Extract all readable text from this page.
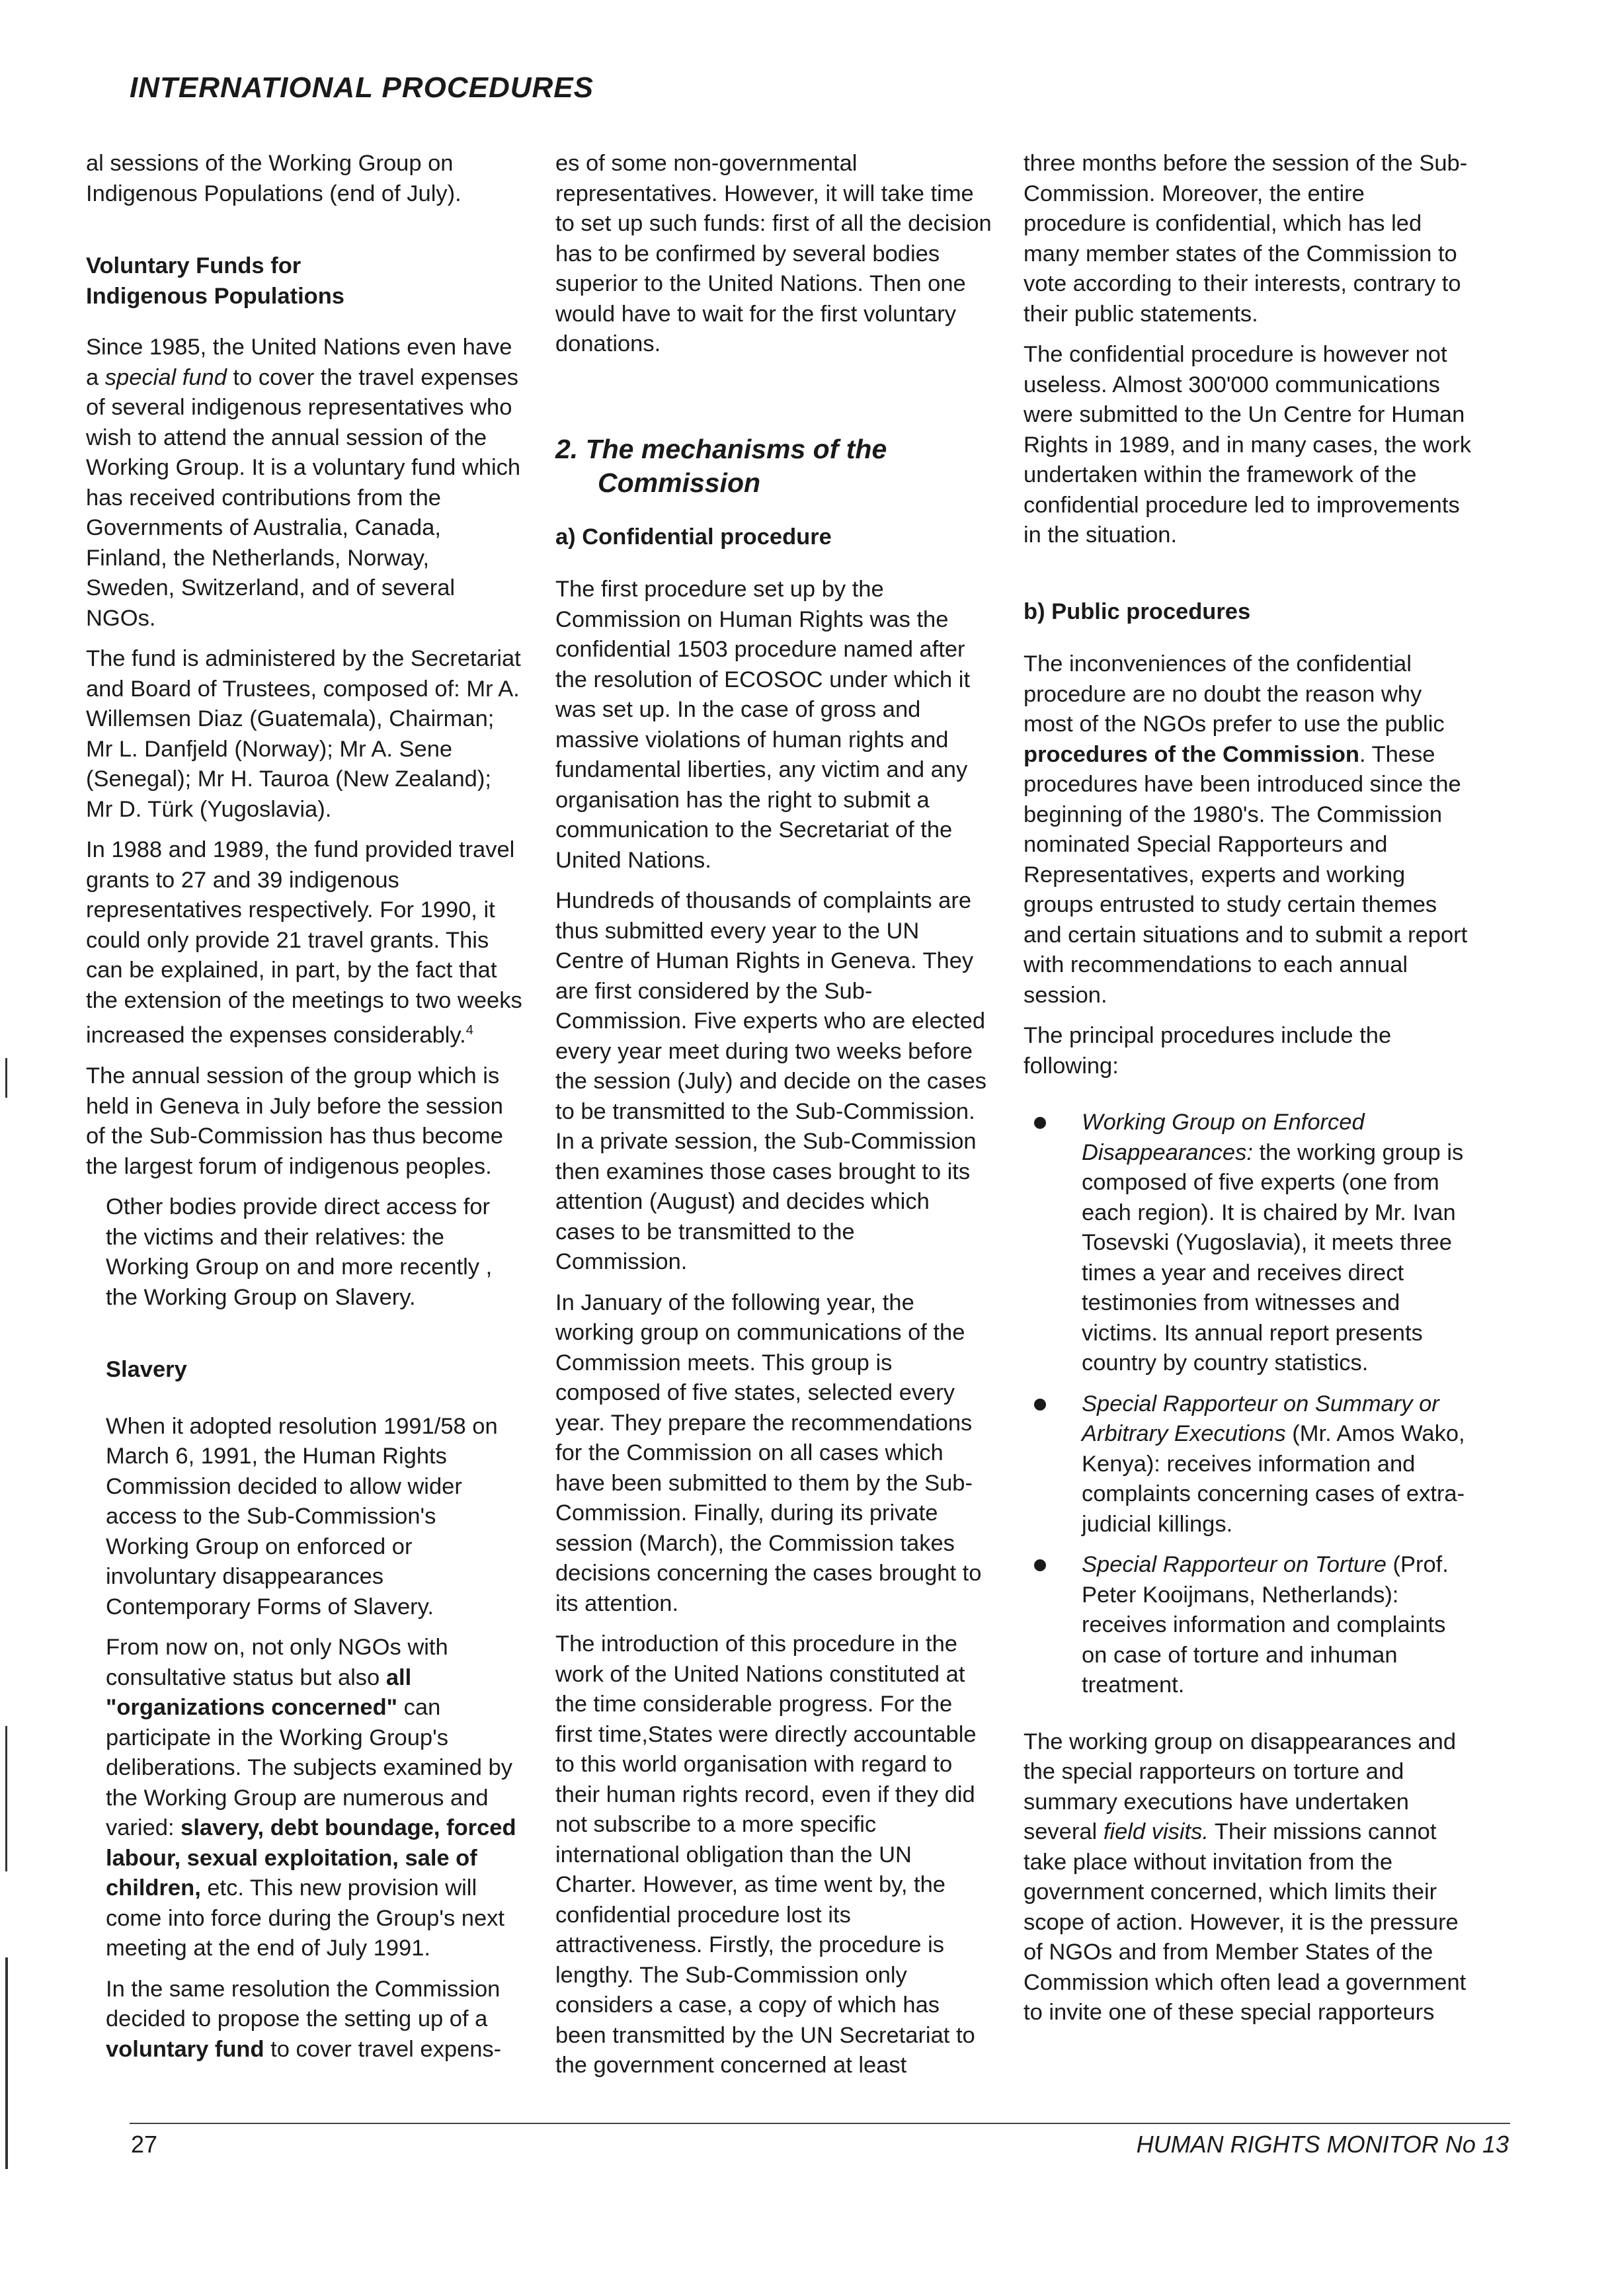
INTERNATIONAL PROCEDURES

al sessions of the Working Group on Indigenous Populations (end of July).

Voluntary Funds for
Indigenous Populations

Since 1985, the United Nations even have a special fund to cover the travel expenses of several indigenous representatives who wish to attend the annual session of the Working Group. It is a voluntary fund which has received contributions from the Governments of Australia, Canada, Finland, the Netherlands, Norway, Sweden, Switzerland, and of several NGOs.

The fund is administered by the Secretariat and Board of Trustees, composed of: Mr A. Willemsen Diaz (Guatemala), Chairman; Mr L. Danfjeld (Norway); Mr A. Sene (Senegal); Mr H. Tauroa (New Zealand); Mr D. Türk (Yugoslavia).

In 1988 and 1989, the fund provided travel grants to 27 and 39 indigenous representatives respectively. For 1990, it could only provide 21 travel grants. This can be explained, in part, by the fact that the extension of the meetings to two weeks increased the expenses considerably.$^4$

The annual session of the group which is held in Geneva in July before the session of the Sub-Commission has thus become the largest forum of indigenous peoples.

Other bodies provide direct access for the victims and their relatives: the Working Group on and more recently , the Working Group on Slavery.

Slavery

When it adopted resolution 1991/58 on March 6, 1991, the Human Rights Commission decided to allow wider access to the Sub-Commission's Working Group on enforced or involuntary disappearances Contemporary Forms of Slavery.

From now on, not only NGOs with consultative status but also all "organizations concerned" can participate in the Working Group's deliberations. The subjects examined by the Working Group are numerous and varied: slavery, debt boundage, forced labour, sexual exploitation, sale of children, etc. This new provision will come into force during the Group's next meeting at the end of July 1991.

In the same resolution the Commission decided to propose the setting up of a voluntary fund to cover travel expens-

es of some non-governmental representatives. However, it will take time to set up such funds: first of all the decision has to be confirmed by several bodies superior to the United Nations. Then one would have to wait for the first voluntary donations.

2. The mechanisms of the Commission

a) Confidential procedure

The first procedure set up by the Commission on Human Rights was the confidential 1503 procedure named after the resolution of ECOSOC under which it was set up. In the case of gross and massive violations of human rights and fundamental liberties, any victim and any organisation has the right to submit a communication to the Secretariat of the United Nations.

Hundreds of thousands of complaints are thus submitted every year to the UN Centre of Human Rights in Geneva. They are first considered by the Sub-Commission. Five experts who are elected every year meet during two weeks before the session (July) and decide on the cases to be transmitted to the Sub-Commission. In a private session, the Sub-Commission then examines those cases brought to its attention (August) and decides which cases to be transmitted to the Commission.

In January of the following year, the working group on communications of the Commission meets. This group is composed of five states, selected every year. They prepare the recommendations for the Commission on all cases which have been submitted to them by the Sub-Commission. Finally, during its private session (March), the Commission takes decisions concerning the cases brought to its attention.

The introduction of this procedure in the work of the United Nations constituted at the time considerable progress. For the first time,States were directly accountable to this world organisation with regard to their human rights record, even if they did not subscribe to a more specific international obligation than the UN Charter. However, as time went by, the confidential procedure lost its attractiveness. Firstly, the procedure is lengthy. The Sub-Commission only considers a case, a copy of which has been transmitted by the UN Secretariat to the government concerned at least

three months before the session of the Sub-Commission. Moreover, the entire procedure is confidential, which has led many member states of the Commission to vote according to their interests, contrary to their public statements.

The confidential procedure is however not useless. Almost 300'000 communications were submitted to the Un Centre for Human Rights in 1989, and in many cases, the work undertaken within the framework of the confidential procedure led to improvements in the situation.

b) Public procedures

The inconveniences of the confidential procedure are no doubt the reason why most of the NGOs prefer to use the public procedures of the Commission. These procedures have been introduced since the beginning of the 1980's. The Commission nominated Special Rapporteurs and Representatives, experts and working groups entrusted to study certain themes and certain situations and to submit a report with recommendations to each annual session.

The principal procedures include the following:

Working Group on Enforced Disappearances: the working group is composed of five experts (one from each region). It is chaired by Mr. Ivan Tosevski (Yugoslavia), it meets three times a year and receives direct testimonies from witnesses and victims. Its annual report presents country by country statistics.
Special Rapporteur on Summary or Arbitrary Executions (Mr. Amos Wako, Kenya): receives information and complaints concerning cases of extra-judicial killings.
Special Rapporteur on Torture (Prof. Peter Kooijmans, Netherlands): receives information and complaints on case of torture and inhuman treatment.

The working group on disappearances and the special rapporteurs on torture and summary executions have undertaken several field visits. Their missions cannot take place without invitation from the government concerned, which limits their scope of action. However, it is the pressure of NGOs and from Member States of the Commission which often lead a government to invite one of these special rapporteurs

27	HUMAN RIGHTS MONITOR No 13
